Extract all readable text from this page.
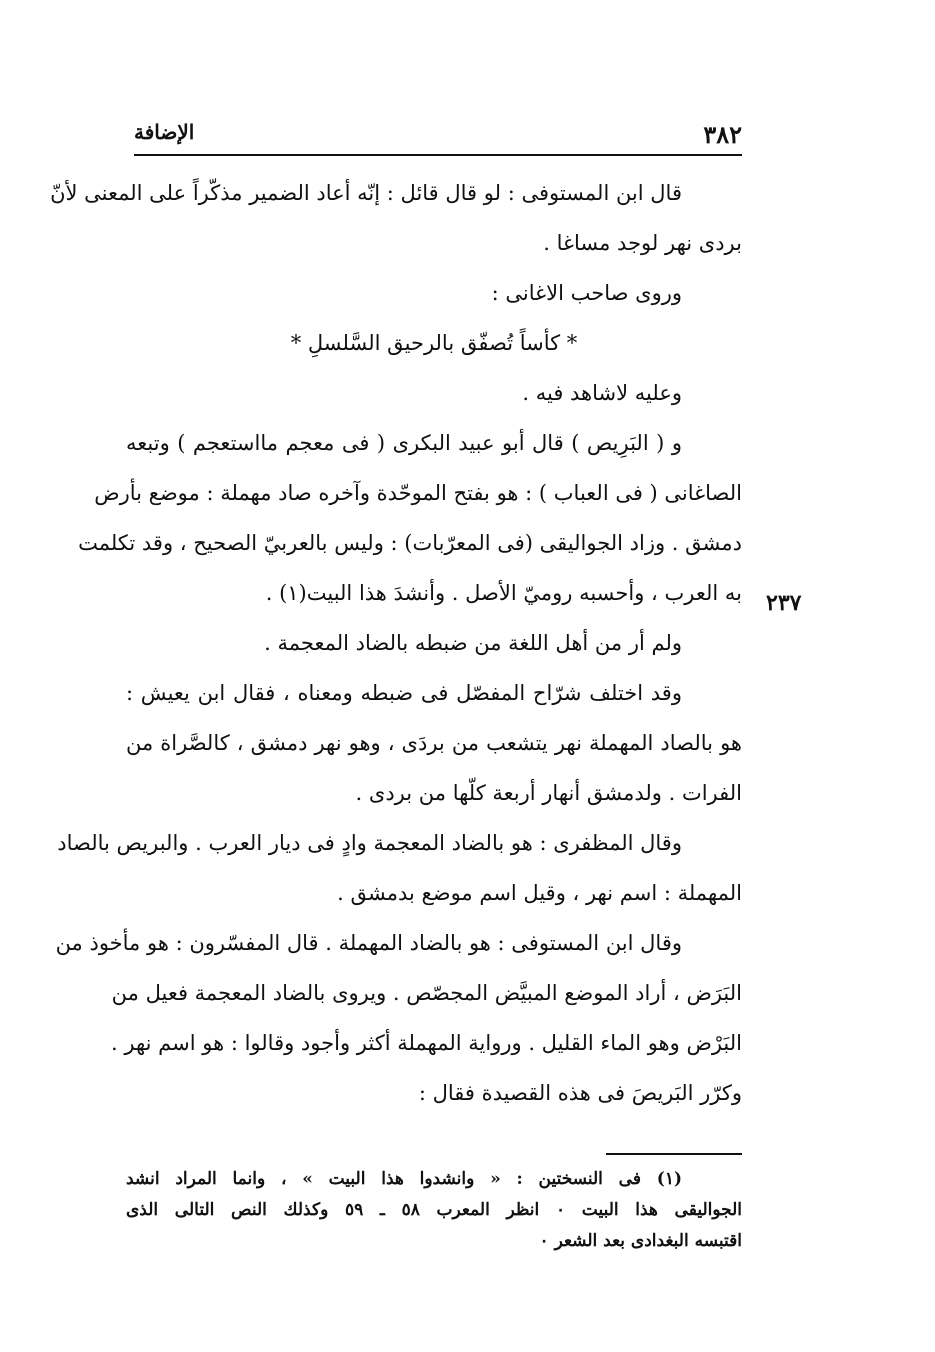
٣٨٢
الإضافة
قال ابن المستوفى : لو قال قائل : إنّه أعاد الضمير مذكّراً على المعنى لأنّ
بردى نهر لوجد مساغا .
وروى صاحب الاغانى :
* كأساً تُصفّق بالرحيق السَّلسلِ *
وعليه لاشاهد فيه .
و ( البَرِيص ) قال أبو عبيد البكرى ( فى معجم مااستعجم ) وتبعه
الصاغانى ( فى العباب ) : هو بفتح الموحّدة وآخره صاد مهملة : موضع بأرض
دمشق . وزاد الجواليقى (فى المعرّبات) : وليس بالعربيّ الصحيح ، وقد تكلمت
به العرب ، وأحسبه روميّ الأصل . وأنشدَ هذا البيت(١) .
ولم أر من أهل اللغة من ضبطه بالضاد المعجمة .
وقد اختلف شرّاح المفصّل فى ضبطه ومعناه ، فقال ابن يعيش :
هو بالصاد المهملة نهر يتشعب من بردَى ، وهو نهر دمشق ، كالصَّراة من
الفرات . ولدمشق أنهار أربعة كلّها من بردى .
وقال المظفرى : هو بالضاد المعجمة وادٍ فى ديار العرب . والبريص بالصاد
المهملة : اسم نهر ، وقيل اسم موضع بدمشق .
وقال ابن المستوفى : هو بالضاد المهملة . قال المفسّرون : هو مأخوذ من
البَرَض ، أراد الموضع المبيَّض المجصّص . ويروى بالضاد المعجمة فعيل من
البَرْض وهو الماء القليل . ورواية المهملة أكثر وأجود وقالوا : هو اسم نهر .
وكرّر البَريصَ فى هذه القصيدة فقال :
٢٣٧
(١) فى النسختين : « وانشدوا هذا البيت » ، وانما المراد انشد
الجواليقى هذا البيت ٠ انظر المعرب ٥٨ ـ ٥٩ وكذلك النص التالى الذى
اقتبسه البغدادى بعد الشعر ٠
